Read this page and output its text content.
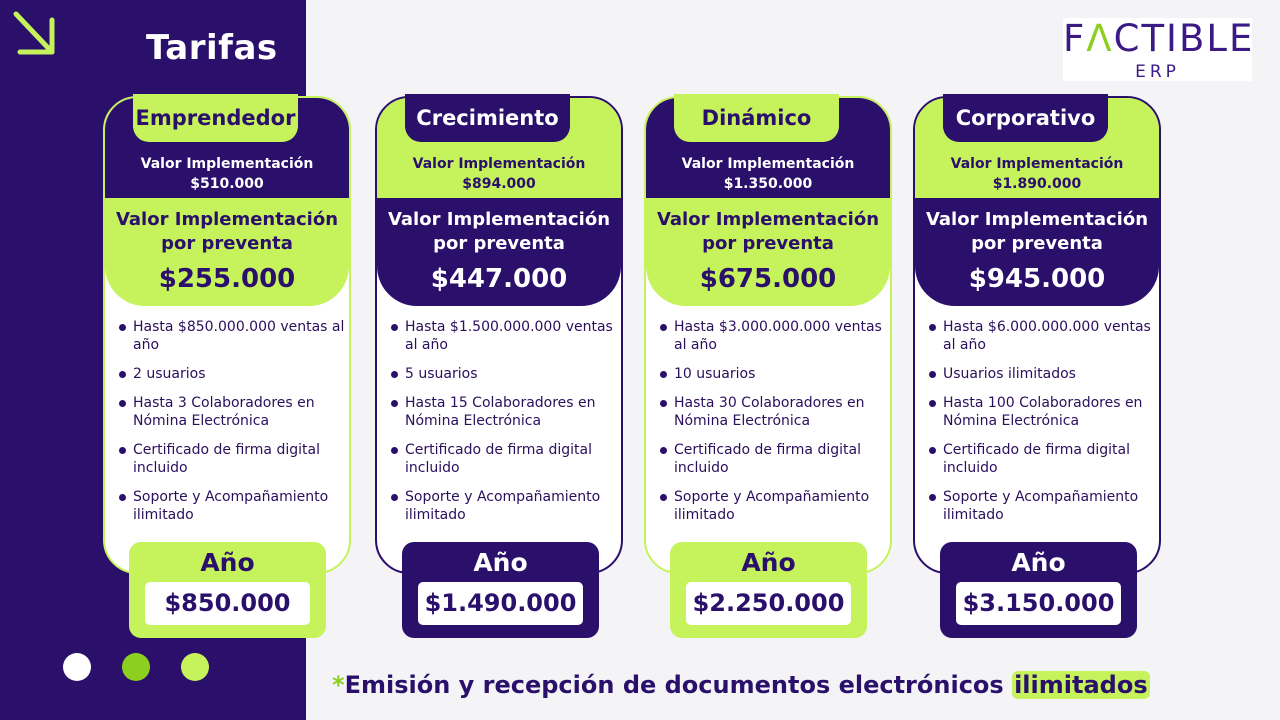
Tarifas	FΛCTIBLE
ERP
Valor Implementación
$510.000
Valor Implementación por preventa
$255.000
Hasta $850.000.000 ventas al año
2 usuarios
Hasta 3 Colaboradores en Nómina Electrónica
Certificado de firma digital incluido
Soporte y Acompañamiento ilimitado
Emprendedor
Año
$850.000
Valor Implementación
$894.000
Valor Implementación por preventa
$447.000
Hasta $1.500.000.000 ventas al año
5 usuarios
Hasta 15 Colaboradores en Nómina Electrónica
Certificado de firma digital incluido
Soporte y Acompañamiento ilimitado
Crecimiento
Año
$1.490.000
Valor Implementación
$1.350.000
Valor Implementación por preventa
$675.000
Hasta $3.000.000.000 ventas al año
10 usuarios
Hasta 30 Colaboradores en Nómina Electrónica
Certificado de firma digital incluido
Soporte y Acompañamiento ilimitado
Dinámico
Año
$2.250.000
Valor Implementación
$1.890.000
Valor Implementación por preventa
$945.000
Hasta $6.000.000.000 ventas al año
Usuarios ilimitados
Hasta 100 Colaboradores en Nómina Electrónica
Certificado de firma digital incluido
Soporte y Acompañamiento ilimitado
Corporativo
Año
$3.150.000
*Emisión y recepción de documentos electrónicos ilimitados
